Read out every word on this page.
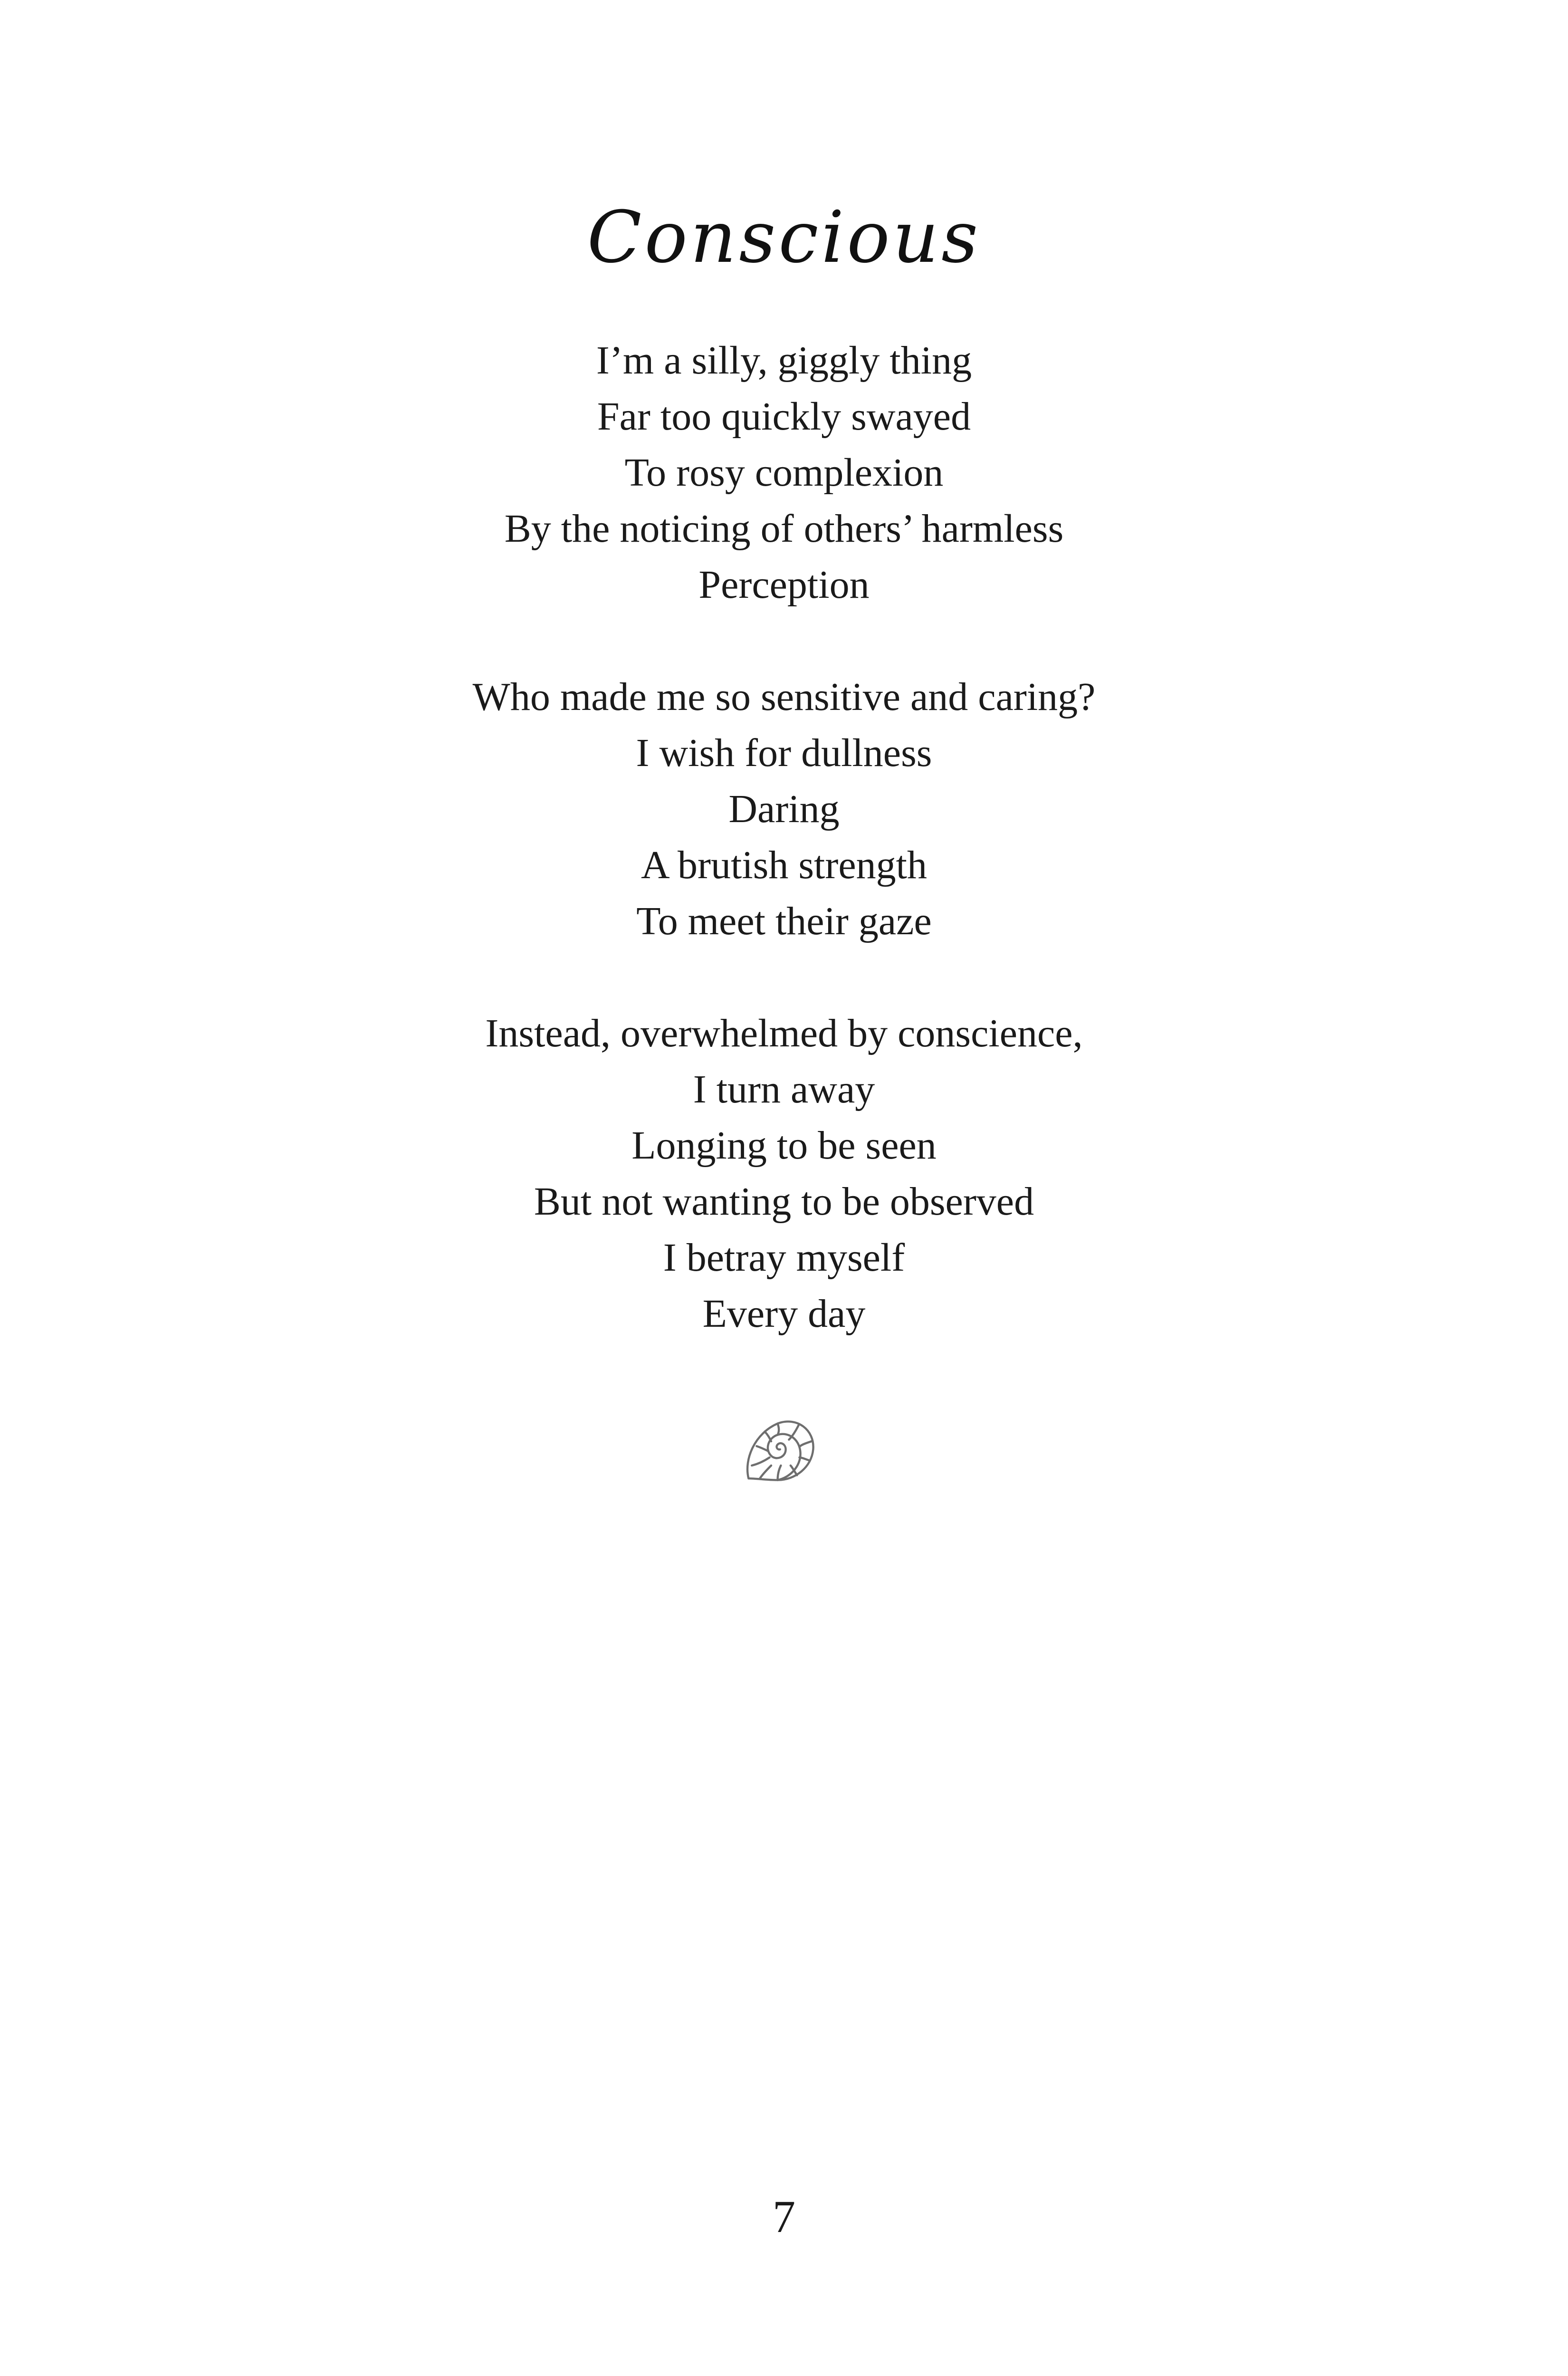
Conscious
I’m a silly, giggly thing
Far too quickly swayed
To rosy complexion
By the noticing of others’ harmless
Perception
Who made me so sensitive and caring?
I wish for dullness
Daring
A brutish strength
To meet their gaze
Instead, overwhelmed by conscience,
I turn away
Longing to be seen
But not wanting to be observed
I betray myself
Every day
7
